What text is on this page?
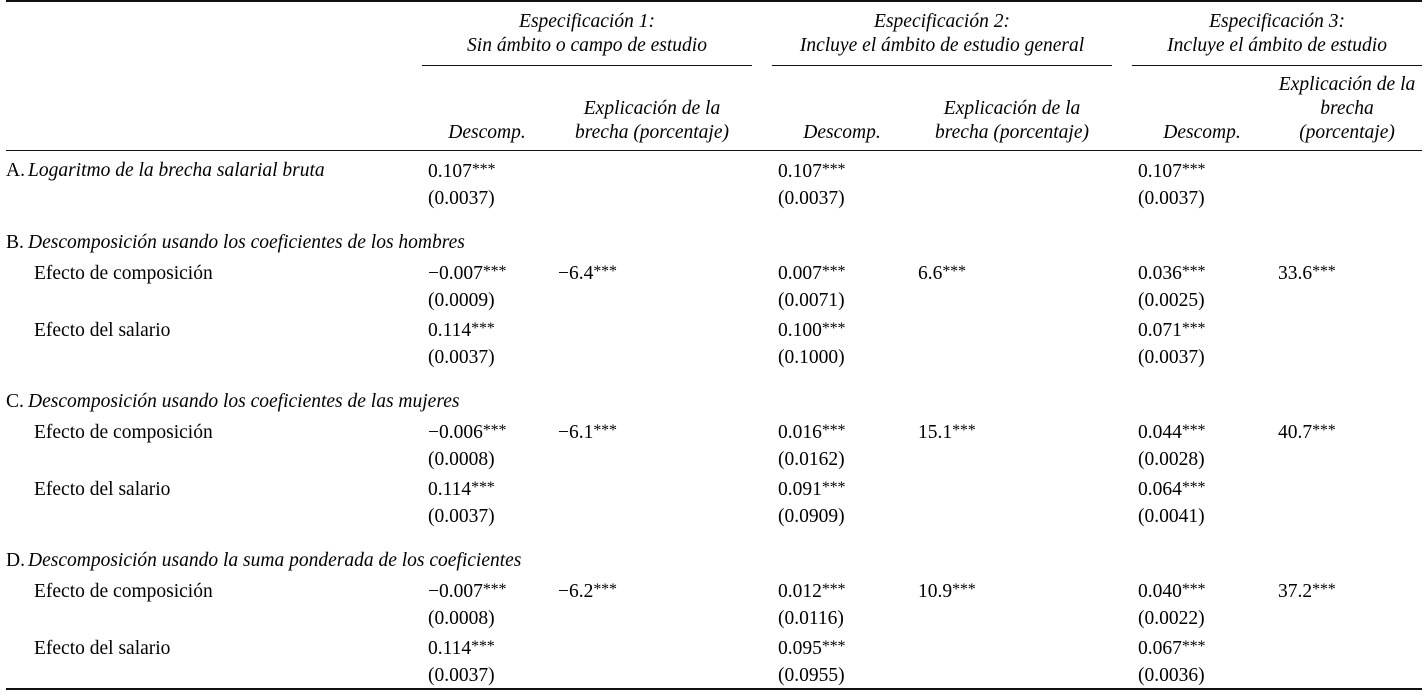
	Especificación 1:
Sin ámbito o campo de estudio			Especificación 2:
Incluye el ámbito de estudio general			Especificación 3:
Incluye el ámbito de estudio	

	Descomp.	Explicación de la
brecha (porcentaje)		Descomp.	Explicación de la
brecha (porcentaje)		Descomp.	Explicación de la
brecha (porcentaje)
A. Logaritmo de la brecha salarial bruta	0.107***			0.107***			0.107***	
	(0.0037)			(0.0037)			(0.0037)	

B. Descomposición usando los coeficientes de los hombres								
Efecto de composición	−0.007***	−6.4***		0.007***	6.6***		0.036***	33.6***
	(0.0009)			(0.0071)			(0.0025)	
Efecto del salario	0.114***			0.100***			0.071***	
	(0.0037)			(0.1000)			(0.0037)	

C. Descomposición usando los coeficientes de las mujeres								
Efecto de composición	−0.006***	−6.1***		0.016***	15.1***		0.044***	40.7***
	(0.0008)			(0.0162)			(0.0028)	
Efecto del salario	0.114***			0.091***			0.064***	
	(0.0037)			(0.0909)			(0.0041)	

D. Descomposición usando la suma ponderada de los coeficientes								
Efecto de composición	−0.007***	−6.2***		0.012***	10.9***		0.040***	37.2***
	(0.0008)			(0.0116)			(0.0022)	
Efecto del salario	0.114***			0.095***			0.067***	
	(0.0037)			(0.0955)			(0.0036)	
